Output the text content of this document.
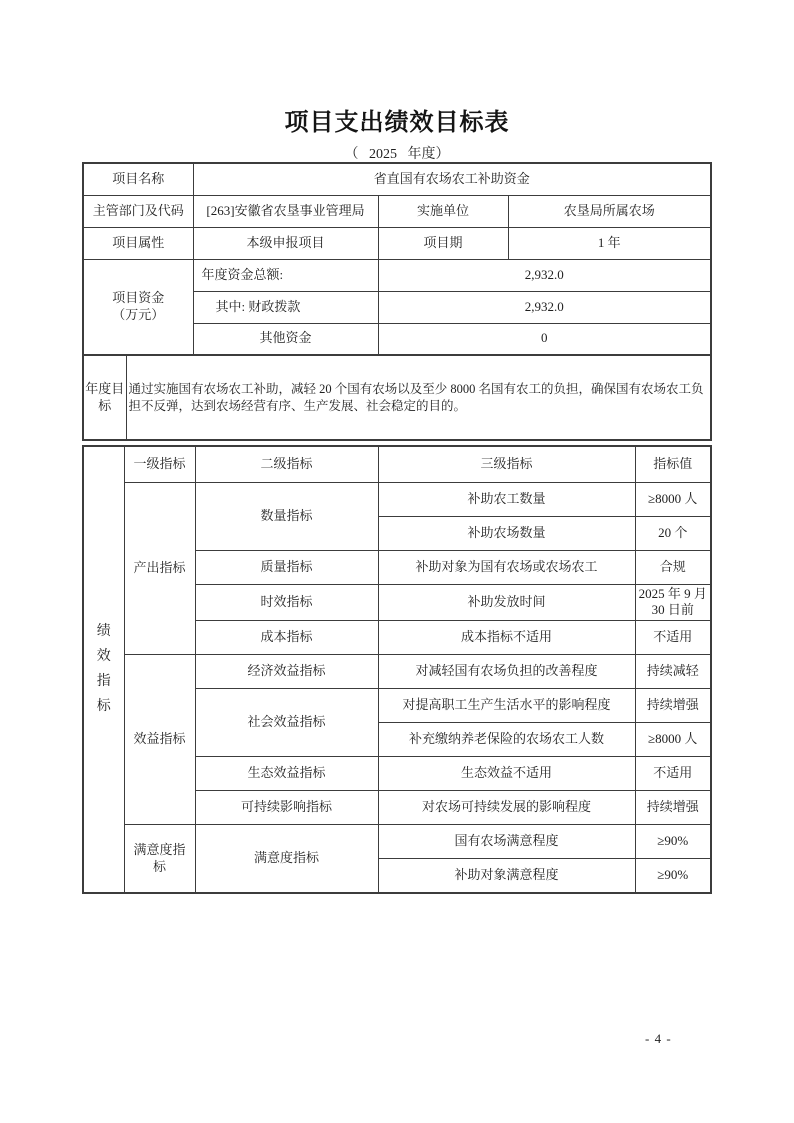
项目支出绩效目标表
（   2025   年度）
项目名称	省直国有农场农工补助资金		
主管部门及代码	[263]安徽省农垦事业管理局	实施单位	农垦局所属农场
项目属性	本级申报项目	项目期	1 年
项目资金
（万元）	年度资金总额:	2,932.0	
	其中: 财政拨款	2,932.0	
	其他资金	0	
年度目标	通过实施国有农场农工补助，减轻 20 个国有农场以及至少 8000 名国有农工的负担，确保国有农场农工负担不反弹，达到农场经营有序、生产发展、社会稳定的目的。
绩效指标	一级指标	二级指标	三级指标	指标值
	产出指标	数量指标	补助农工数量	≥8000 人
			补助农场数量	20 个
		质量指标	补助对象为国有农场或农场农工	合规
		时效指标	补助发放时间	2025 年 9 月 30 日前
		成本指标	成本指标不适用	不适用
	效益指标	经济效益指标	对减轻国有农场负担的改善程度	持续减轻
		社会效益指标	对提高职工生产生活水平的影响程度	持续增强
			补充缴纳养老保险的农场农工人数	≥8000 人
		生态效益指标	生态效益不适用	不适用
		可持续影响指标	对农场可持续发展的影响程度	持续增强
	满意度指标	满意度指标	国有农场满意程度	≥90%
			补助对象满意程度	≥90%
- 4 -
